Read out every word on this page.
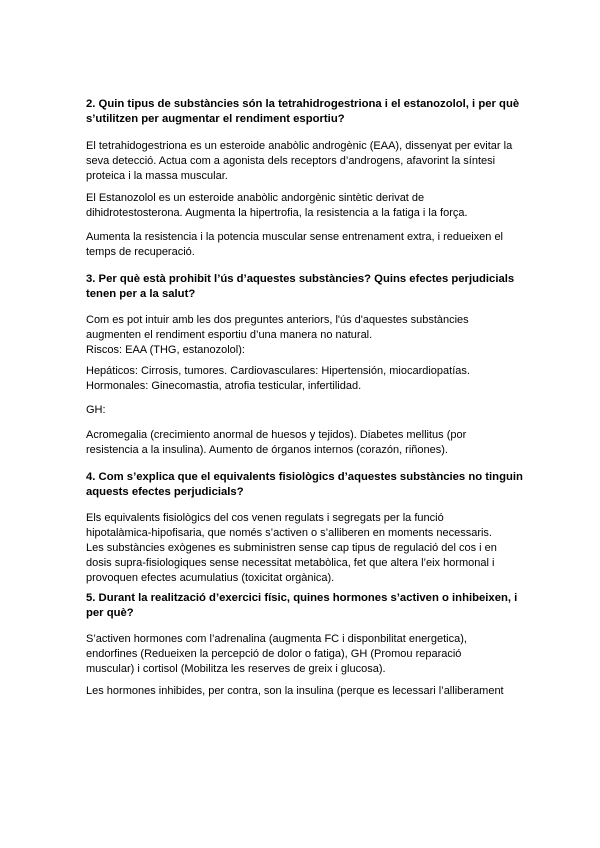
2. Quin tipus de substàncies són la tetrahidrogestriona i el estanozolol, i per què
s’utilitzen per augmentar el rendiment esportiu?
El tetrahidogestriona es un esteroide anabòlic androgènic (EAA), dissenyat per evitar la
seva detecció. Actua com a agonista dels receptors d’androgens, afavorint la síntesi
proteica i la massa muscular.
El Estanozolol es un esteroide anabòlic andorgènic sintètic derivat de
dihidrotestosterona. Augmenta la hipertrofia, la resistencia a la fatiga i la força.
Aumenta la resistencia i la potencia muscular sense entrenament extra, i redueixen el
temps de recuperació.
3. Per què està prohibit l’ús d’aquestes substàncies? Quins efectes perjudicials
tenen per a la salut?
Com es pot intuir amb les dos preguntes anteriors, l'ús d'aquestes substàncies
augmenten el rendiment esportiu d’una manera no natural.
Riscos: EAA (THG, estanozolol):
Hepáticos: Cirrosis, tumores. Cardiovasculares: Hipertensión, miocardiopatías.
Hormonales: Ginecomastia, atrofia testicular, infertilidad.
GH:
Acromegalia (crecimiento anormal de huesos y tejidos). Diabetes mellitus (por
resistencia a la insulina). Aumento de órganos internos (corazón, riñones).
4. Com s’explica que el equivalents fisiològics d’aquestes substàncies no tinguin
aquests efectes perjudicials?
Els equivalents fisiològics del cos venen regulats i segregats per la funció
hipotalàmica-hipofisaria, que només s’activen o s’alliberen en moments necessaris.
Les substàncies exògenes es subministren sense cap tipus de regulació del cos i en
dosis supra-fisiologiques sense necessitat metabòlica, fet que altera l’eix hormonal i
provoquen efectes acumulatius (toxicitat orgànica).
5. Durant la realització d’exercici físic, quines hormones s’activen o inhibeixen, i
per què?
S’activen hormones com l’adrenalina (augmenta FC i disponbilitat energetica),
endorfines (Redueixen la percepció de dolor o fatiga), GH (Promou reparació
muscular) i cortisol (Mobilitza les reserves de greix i glucosa).
Les hormones inhibides, per contra, son la insulina (perque es lecessari l’alliberament
